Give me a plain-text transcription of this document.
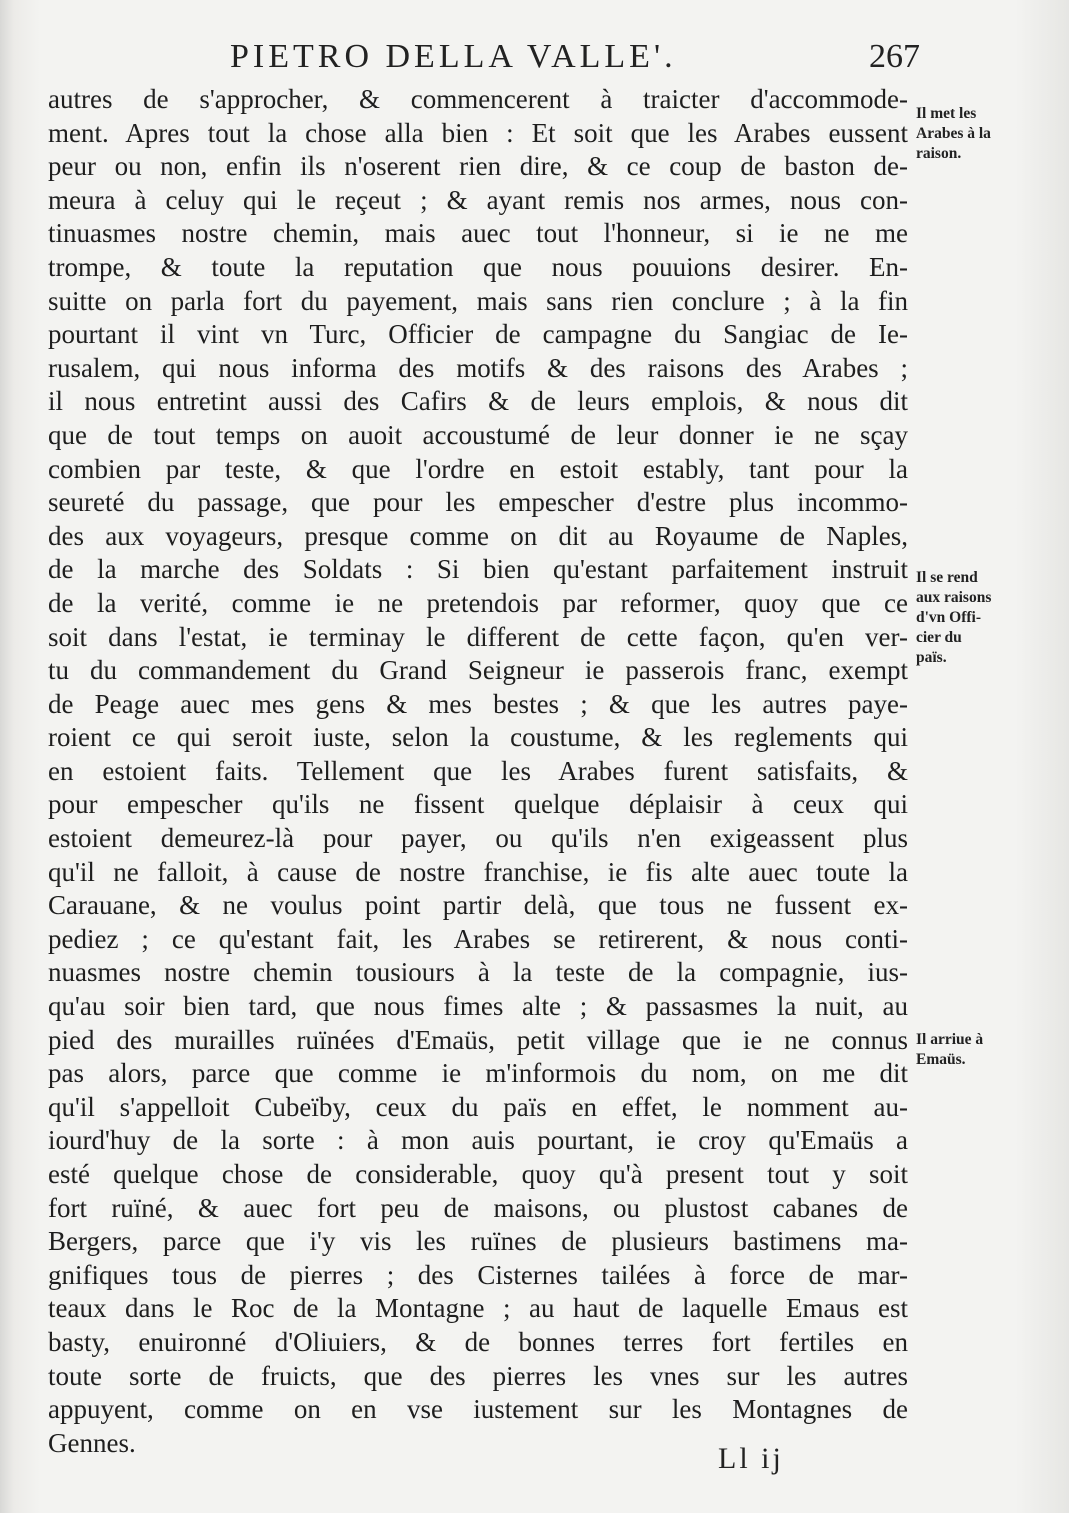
PIETRO DELLA VALLE'.	267
autres de s'approcher, & commencerent à traicter d'accommode-
ment. Apres tout la chose alla bien : Et soit que les Arabes eussent
peur ou non, enfin ils n'oserent rien dire, & ce coup de baston de-
meura à celuy qui le reçeut ; & ayant remis nos armes, nous con-
tinuasmes nostre chemin, mais auec tout l'honneur, si ie ne me
trompe, & toute la reputation que nous pouuions desirer. En-
suitte on parla fort du payement, mais sans rien conclure ; à la fin
pourtant il vint vn Turc, Officier de campagne du Sangiac de Ie-
rusalem, qui nous informa des motifs & des raisons des Arabes ;
il nous entretint aussi des Cafirs & de leurs emplois, & nous dit
que de tout temps on auoit accoustumé de leur donner ie ne sçay
combien par teste, & que l'ordre en estoit estably, tant pour la
seureté du passage, que pour les empescher d'estre plus incommo-
des aux voyageurs, presque comme on dit au Royaume de Naples,
de la marche des Soldats : Si bien qu'estant parfaitement instruit
de la verité, comme ie ne pretendois par reformer, quoy que ce
soit dans l'estat, ie terminay le different de cette façon, qu'en ver-
tu du commandement du Grand Seigneur ie passerois franc, exempt
de Peage auec mes gens & mes bestes ; & que les autres paye-
roient ce qui seroit iuste, selon la coustume, & les reglements qui
en estoient faits. Tellement que les Arabes furent satisfaits, &
pour empescher qu'ils ne fissent quelque déplaisir à ceux qui
estoient demeurez-là pour payer, ou qu'ils n'en exigeassent plus
qu'il ne falloit, à cause de nostre franchise, ie fis alte auec toute la
Carauane, & ne voulus point partir delà, que tous ne fussent ex-
pediez ; ce qu'estant fait, les Arabes se retirerent, & nous conti-
nuasmes nostre chemin tousiours à la teste de la compagnie, ius-
qu'au soir bien tard, que nous fimes alte ; & passasmes la nuit, au
pied des murailles ruïnées d'Emaüs, petit village que ie ne connus
pas alors, parce que comme ie m'informois du nom, on me dit
qu'il s'appelloit Cubeïby, ceux du païs en effet, le nomment au-
iourd'huy de la sorte : à mon auis pourtant, ie croy qu'Emaüs a
esté quelque chose de considerable, quoy qu'à present tout y soit
fort ruïné, & auec fort peu de maisons, ou plustost cabanes de
Bergers, parce que i'y vis les ruïnes de plusieurs bastimens ma-
gnifiques tous de pierres ; des Cisternes tailées à force de mar-
teaux dans le Roc de la Montagne ; au haut de laquelle Emaus est
basty, enuironné d'Oliuiers, & de bonnes terres fort fertiles en
toute sorte de fruicts, que des pierres les vnes sur les autres
appuyent, comme on en vse iustement sur les Montagnes de
Gennes.
Il met les
Arabes à la
raison.
Il se rend
aux raisons
d'vn Offi-
cier du
païs.
Il arriue à
Emaüs.
Ll ij
